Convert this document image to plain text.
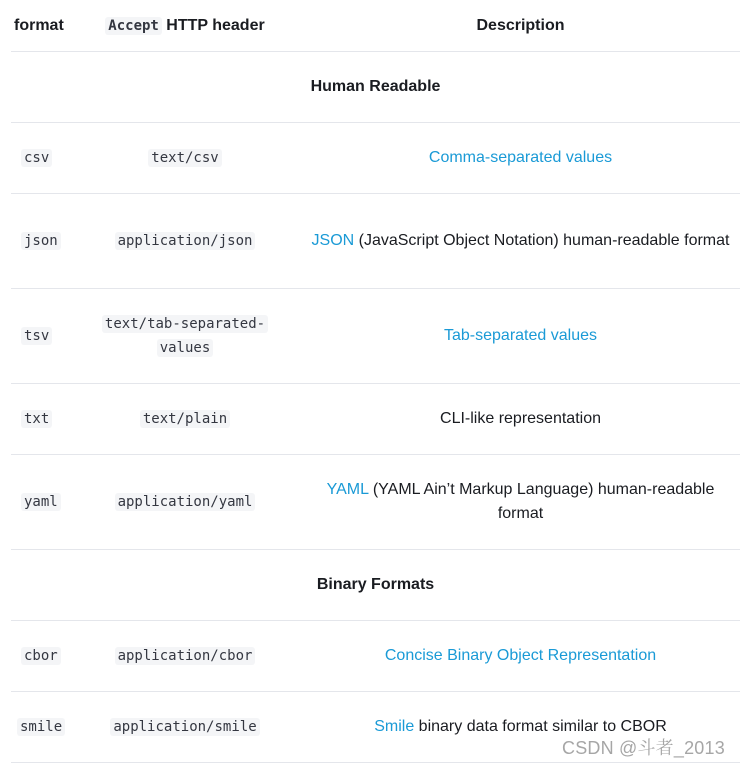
format	Accept HTTP header	Description
Human Readable		
csv	text/csv	Comma-separated values
json	application/json	JSON (JavaScript Object Notation) human-readable format
tsv	text/tab-separated-values	Tab-separated values
txt	text/plain	CLI-like representation
yaml	application/yaml	YAML (YAML Ain’t Markup Language) human-readable format
Binary Formats		
cbor	application/cbor	Concise Binary Object Representation
smile	application/smile	Smile binary data format similar to CBOR
CSDN @斗者_2013
